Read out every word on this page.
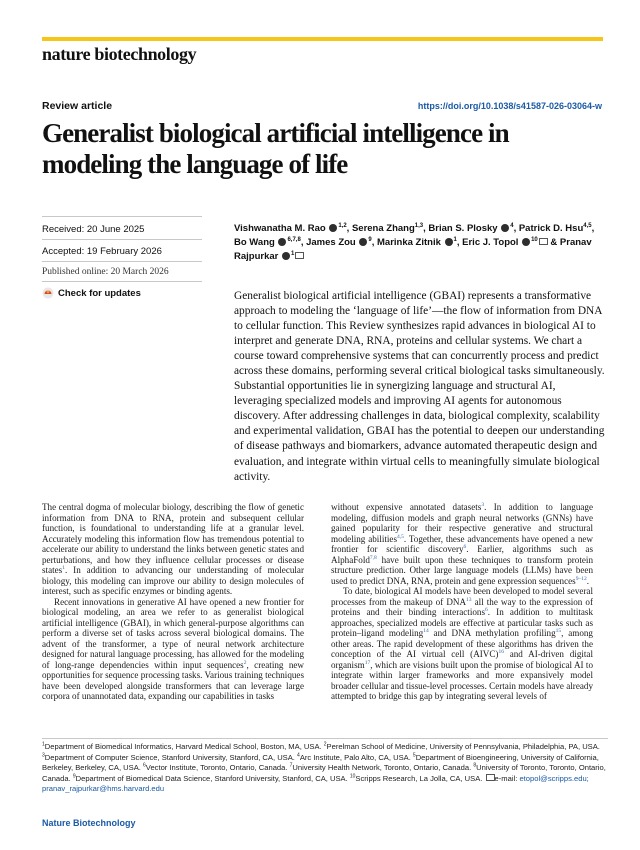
nature biotechnology
Review article	https://doi.org/10.1038/s41587-026-03064-w
Generalist biological artificial intelligence in modeling the language of life
Received: 20 June 2025
Accepted: 19 February 2026
Published online: 20 March 2026
Check for updates
Vishwanatha M. Rao $^{1,2}$, Serena Zhang$^{1,3}$, Brian S. Plosky $^4$, Patrick D. Hsu$^{4,5}$, Bo Wang $^{6,7,8}$, James Zou $^9$, Marinka Zitnik $^1$, Eric J. Topol $^{10}$ & Pranav Rajpurkar $^1$

Generalist biological artificial intelligence (GBAI) represents a transformative approach to modeling the ‘language of life’—the flow of information from DNA to cellular function. This Review synthesizes rapid advances in biological AI to interpret and generate DNA, RNA, proteins and cellular systems. We chart a course toward comprehensive systems that can concurrently process and predict across these domains, performing several critical biological tasks simultaneously. Substantial opportunities lie in synergizing language and structural AI, leveraging specialized models and improving AI agents for autonomous discovery. After addressing challenges in data, biological complexity, scalability and experimental validation, GBAI has the potential to deepen our understanding of disease pathways and biomarkers, advance automated therapeutic design and evaluation, and integrate within virtual cells to meaningfully simulate biological activity.

The central dogma of molecular biology, describing the flow of genetic information from DNA to RNA, protein and subsequent cellular function, is foundational to understanding life at a granular level. Accurately modeling this information flow has tremendous potential to accelerate our ability to understand the links between genetic states and perturbations, and how they influence cellular processes or disease states$^1$. In addition to advancing our understanding of molecular biology, this modeling can improve our ability to design molecules of interest, such as specific enzymes or binding agents.

Recent innovations in generative AI have opened a new frontier for biological modeling, an area we refer to as generalist biological artificial intelligence (GBAI), in which general-purpose algorithms can perform a diverse set of tasks across several biological domains. The advent of the transformer, a type of neural network architecture designed for natural language processing, has allowed for the modeling of long-range dependencies within input sequences$^2$, creating new opportunities for sequence processing tasks. Various training techniques have been developed alongside transformers that can leverage large corpora of unannotated data, expanding our capabilities in tasks

without expensive annotated datasets$^3$. In addition to language modeling, diffusion models and graph neural networks (GNNs) have gained popularity for their respective generative and structural modeling abilities$^{4,5}$. Together, these advancements have opened a new frontier for scientific discovery$^6$. Earlier, algorithms such as AlphaFold$^{7,8}$ have built upon these techniques to transform protein structure prediction. Other large language models (LLMs) have been used to predict DNA, RNA, protein and gene expression sequences$^{9-12}$.

To date, biological AI models have been developed to model several processes from the makeup of DNA$^{13}$ all the way to the expression of proteins and their binding interactions$^6$. In addition to multitask approaches, specialized models are effective at particular tasks such as protein–ligand modeling$^{14}$ and DNA methylation profiling$^{15}$, among other areas. The rapid development of these algorithms has driven the conception of the AI virtual cell (AIVC)$^{16}$ and AI-driven digital organism$^{17}$, which are visions built upon the promise of biological AI to integrate within larger frameworks and more expansively model broader cellular and tissue-level processes. Certain models have already attempted to bridge this gap by integrating several levels of

$^1$Department of Biomedical Informatics, Harvard Medical School, Boston, MA, USA. $^2$Perelman School of Medicine, University of Pennsylvania, Philadelphia, PA, USA. $^3$Department of Computer Science, Stanford University, Stanford, CA, USA. $^4$Arc Institute, Palo Alto, CA, USA. $^5$Department of Bioengineering, University of California, Berkeley, Berkeley, CA, USA. $^6$Vector Institute, Toronto, Ontario, Canada. $^7$University Health Network, Toronto, Ontario, Canada. $^8$University of Toronto, Toronto, Ontario, Canada. $^9$Department of Biomedical Data Science, Stanford University, Stanford, CA, USA. $^{10}$Scripps Research, La Jolla, CA, USA. e-mail: etopol@scripps.edu; pranav_rajpurkar@hms.harvard.edu
Nature Biotechnology
